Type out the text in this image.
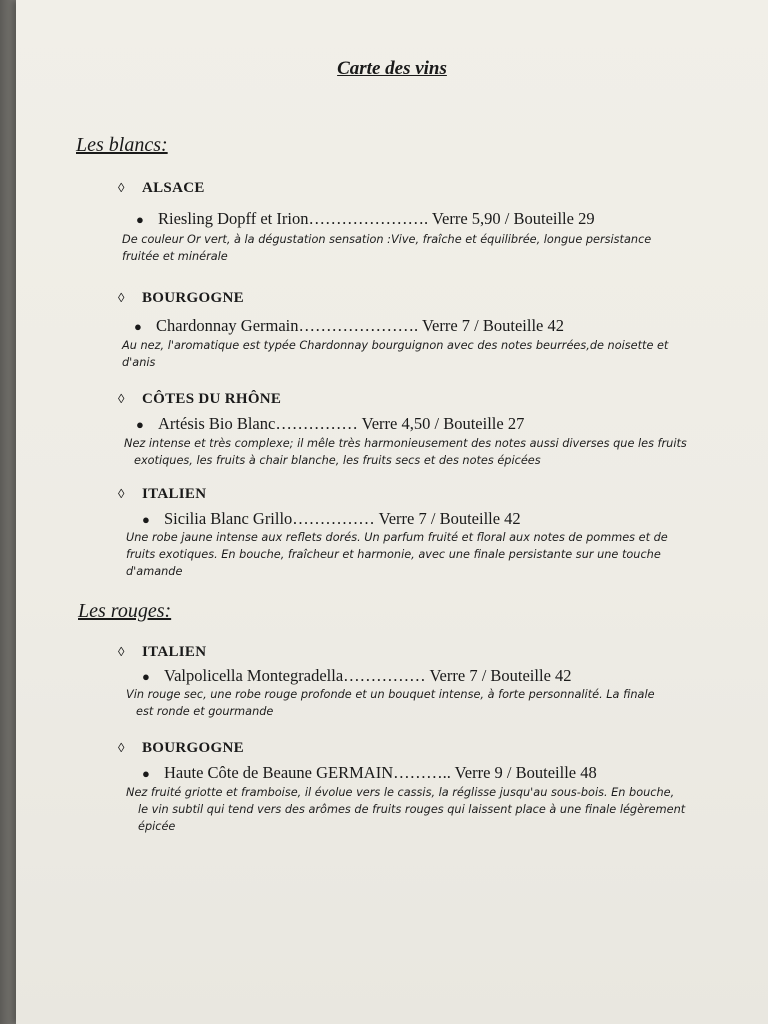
Carte des vins
Les blancs:
◊ ALSACE
● Riesling Dopff et Irion…………………. Verre 5,90 / Bouteille 29
De couleur Or vert, à la dégustation sensation :Vive, fraîche et équilibrée, longue persistance
fruitée et minérale
◊ BOURGOGNE
● Chardonnay Germain…………………. Verre 7 / Bouteille 42
Au nez, l'aromatique est typée Chardonnay bourguignon avec des notes beurrées,de noisette et
d'anis
◊ CÔTES DU RHÔNE
● Artésis Bio Blanc…………… Verre 4,50 / Bouteille 27
Nez intense et très complexe; il mêle très harmonieusement des notes aussi diverses que les fruits
exotiques, les fruits à chair blanche, les fruits secs et des notes épicées
◊ ITALIEN
● Sicilia Blanc Grillo…………… Verre 7 / Bouteille 42
Une robe jaune intense aux reflets dorés. Un parfum fruité et floral aux notes de pommes et de
fruits exotiques. En bouche, fraîcheur et harmonie, avec une finale persistante sur une touche
d'amande
Les rouges:
◊ ITALIEN
● Valpolicella Montegradella…………… Verre 7 / Bouteille 42
Vin rouge sec, une robe rouge profonde et un bouquet intense, à forte personnalité. La finale
est ronde et gourmande
◊ BOURGOGNE
● Haute Côte de Beaune GERMAIN……….. Verre 9 / Bouteille 48
Nez fruité griotte et framboise, il évolue vers le cassis, la réglisse jusqu'au sous-bois. En bouche,
le vin subtil qui tend vers des arômes de fruits rouges qui laissent place à une finale légèrement
épicée
